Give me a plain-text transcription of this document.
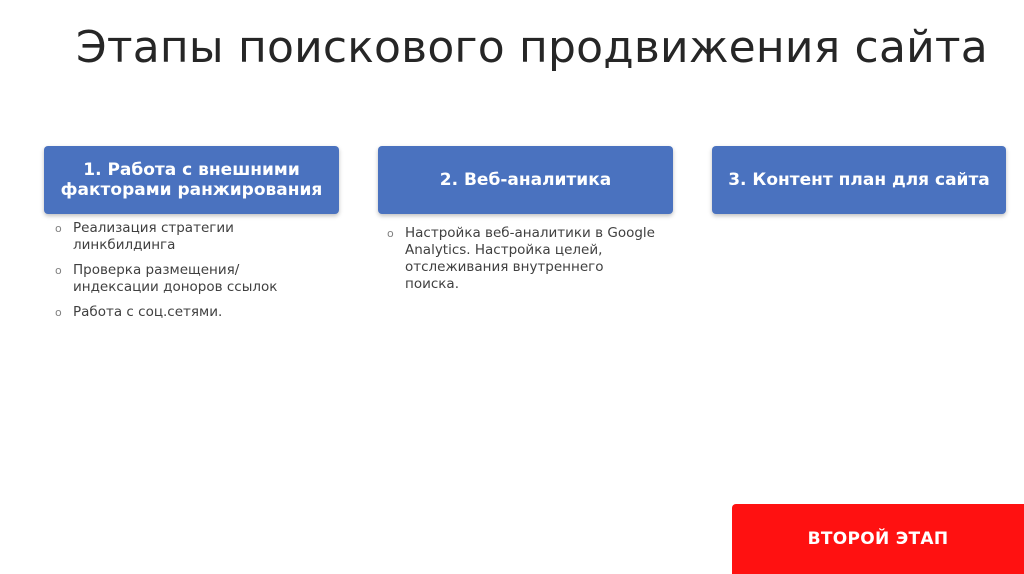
Этапы поискового продвижения сайта
1. Работа с внешними факторами ранжирования	2. Веб-аналитика	3. Контент план для сайта
o Реализация стратегии линкбилдинга
o Проверка размещения/индексации доноров ссылок
o Работа с соц.сетями.
o Настройка веб-аналитики в Google Analytics. Настройка целей, отслеживания внутреннего поиска.
ВТОРОЙ ЭТАП
